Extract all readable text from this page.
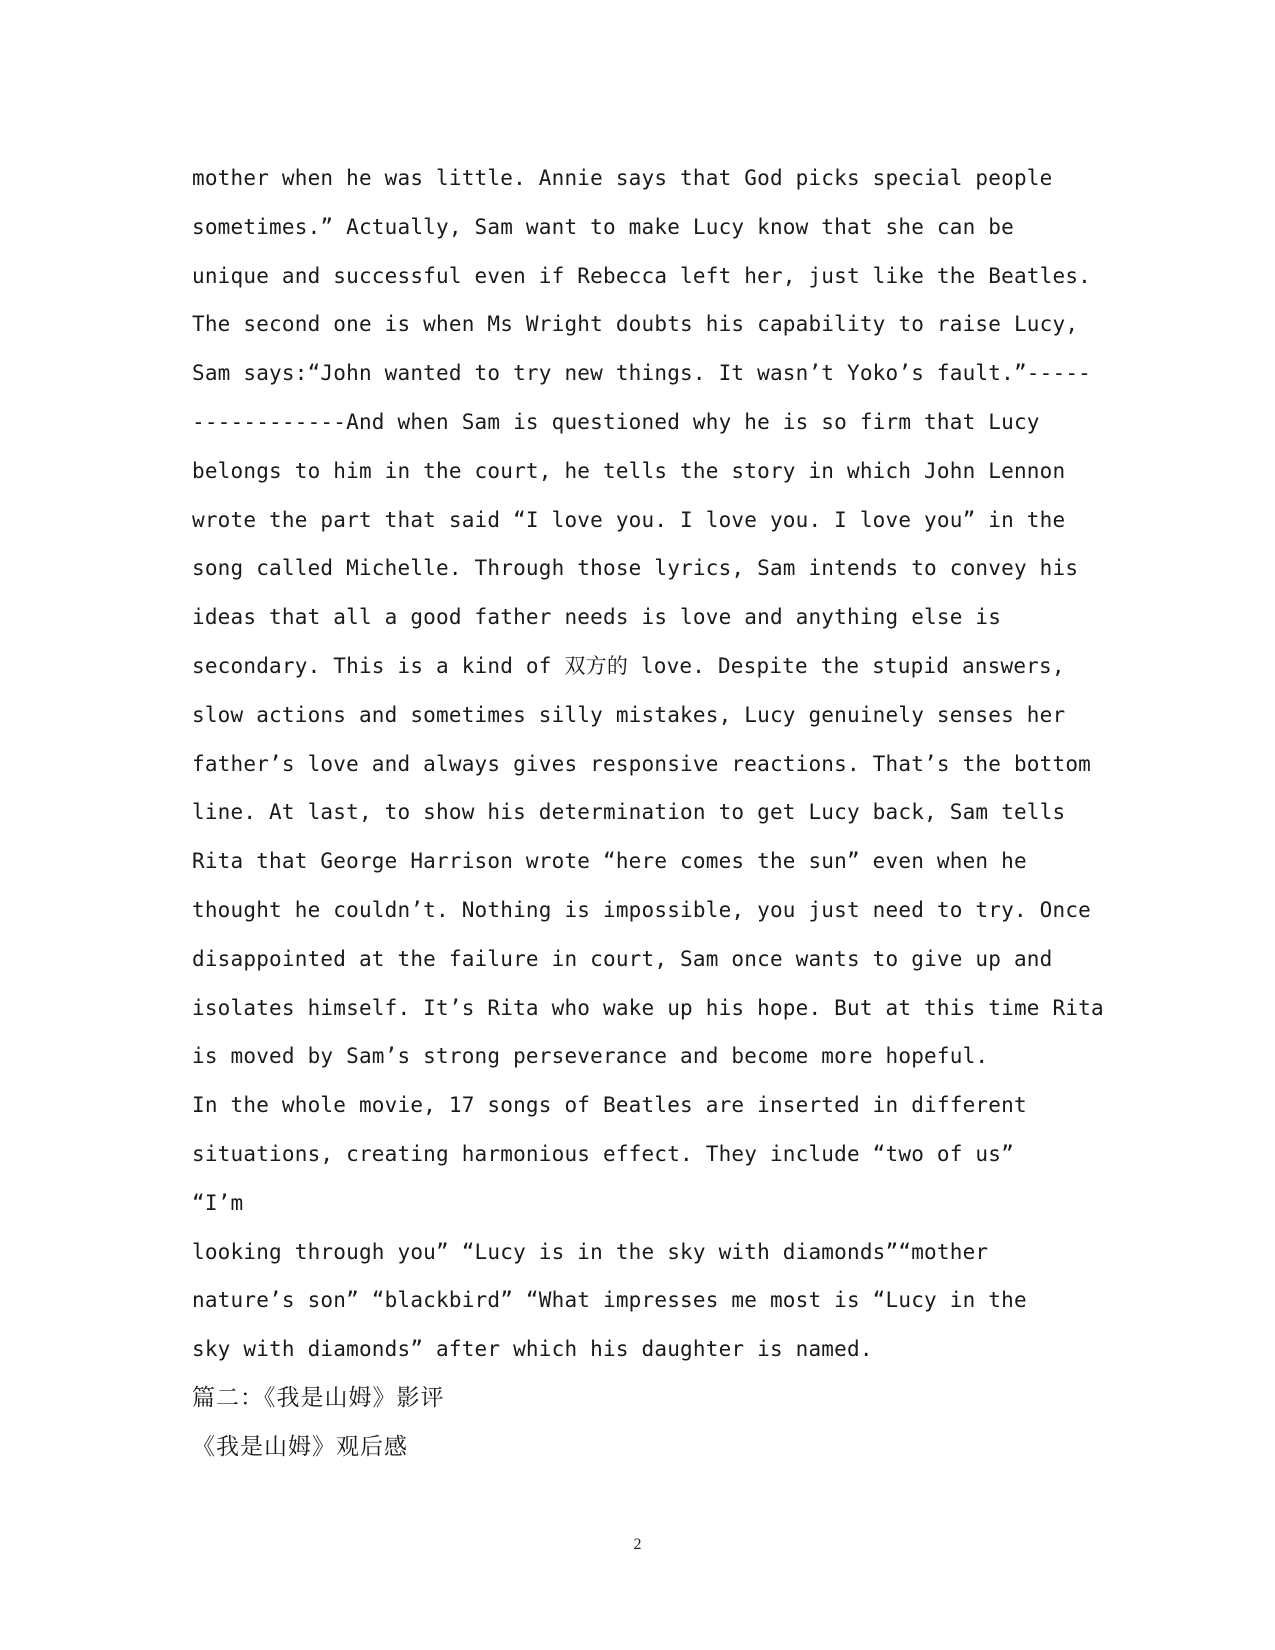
mother when he was little. Annie says that God picks special people
sometimes.” Actually, Sam want to make Lucy know that she can be
unique and successful even if Rebecca left her, just like the Beatles.
The second one is when Ms Wright doubts his capability to raise Lucy,
Sam says:“John wanted to try new things. It wasn’t Yoko’s fault.”-----
------------And when Sam is questioned why he is so firm that Lucy
belongs to him in the court, he tells the story in which John Lennon
wrote the part that said “I love you. I love you. I love you” in the
song called Michelle. Through those lyrics, Sam intends to convey his
ideas that all a good father needs is love and anything else is
secondary. This is a kind of 双方的 love. Despite the stupid answers,
slow actions and sometimes silly mistakes, Lucy genuinely senses her
father’s love and always gives responsive reactions. That’s the bottom
line. At last, to show his determination to get Lucy back, Sam tells
Rita that George Harrison wrote “here comes the sun” even when he
thought he couldn’t. Nothing is impossible, you just need to try. Once
disappointed at the failure in court, Sam once wants to give up and
isolates himself. It’s Rita who wake up his hope. But at this time Rita
is moved by Sam’s strong perseverance and become more hopeful.
In the whole movie, 17 songs of Beatles are inserted in different
situations, creating harmonious effect. They include “two of us”
“I’m
looking through you” “Lucy is in the sky with diamonds”“mother
nature’s son” “blackbird” “What impresses me most is “Lucy in the
sky with diamonds” after which his daughter is named.
篇二：《我是山姆》影评
《我是山姆》观后感
2
